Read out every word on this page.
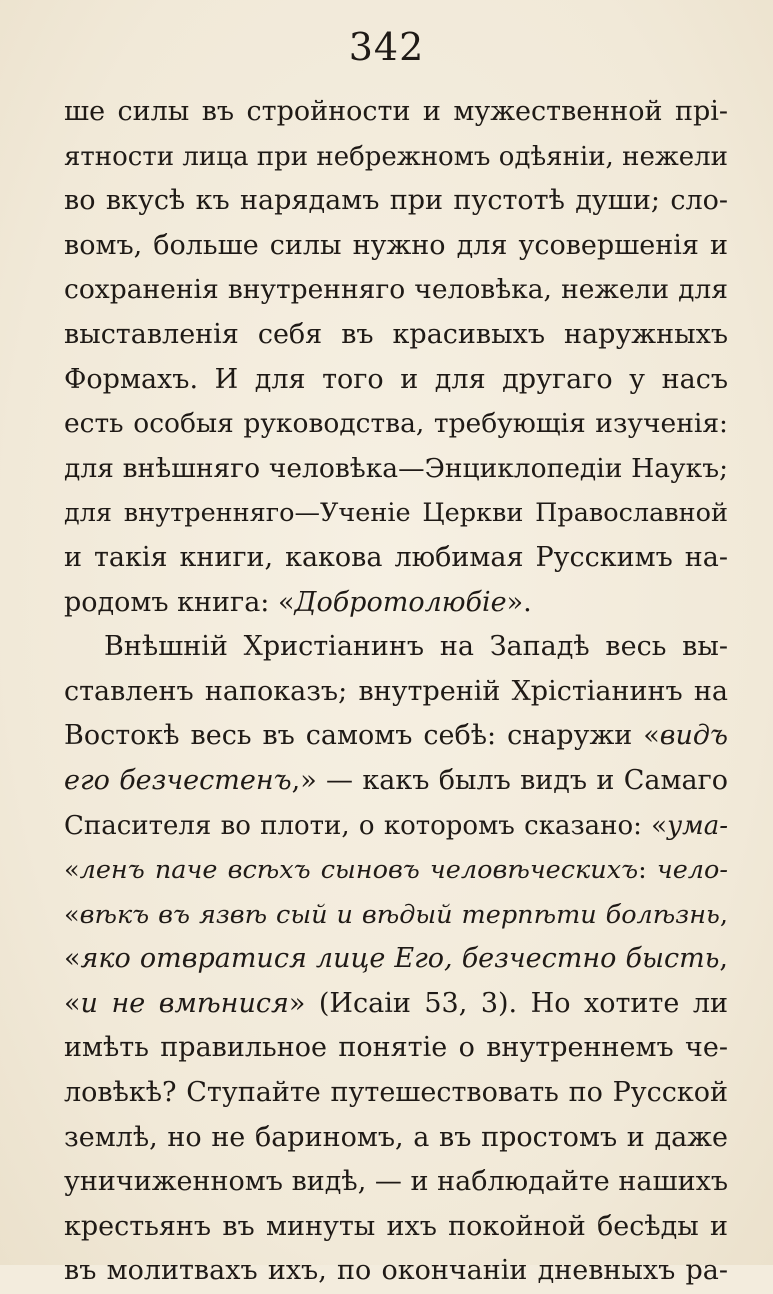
342
ше силы въ стройности и мужественной прі-
ятности лица при небрежномъ одѣяніи, нежели
во вкусѣ къ нарядамъ при пустотѣ души; сло-
вомъ, больше силы нужно для усовершенія и
сохраненія внутренняго человѣка, нежели для
выставленія себя въ красивыхъ наружныхъ
Формахъ. И для того и для другаго у насъ
есть особыя руководства, требующія изученія:
для внѣшняго человѣка—Энциклопедіи Наукъ;
для внутренняго—Ученіе Церкви Православной
и такія книги, какова любимая Русскимъ на-
родомъ книга: «Добротолюбіе».
Внѣшній Христіанинъ на Западѣ весь вы-
ставленъ напоказъ; внутреній Хрістіанинъ на
Востокѣ весь въ самомъ себѣ: снаружи «видъ
его безчестенъ,» — какъ былъ видъ и Самаго
Спасителя во плоти, о которомъ сказано: «ума-
«ленъ паче всѣхъ сыновъ человѣческихъ: чело-
«вѣкъ въ язвѣ сый и вѣдый терпѣти болѣзнь,
«яко отвратися лице Его, безчестно бысть,
«и не вмѣнися» (Исаіи 53, 3). Но хотите ли
имѣть правильное понятіе о внутреннемъ че-
ловѣкѣ? Ступайте путешествовать по Русской
землѣ, но не бариномъ, а въ простомъ и даже
уничиженномъ видѣ, — и наблюдайте нашихъ
крестьянъ въ минуты ихъ покойной бесѣды и
въ молитвахъ ихъ, по окончаніи дневныхъ ра-
